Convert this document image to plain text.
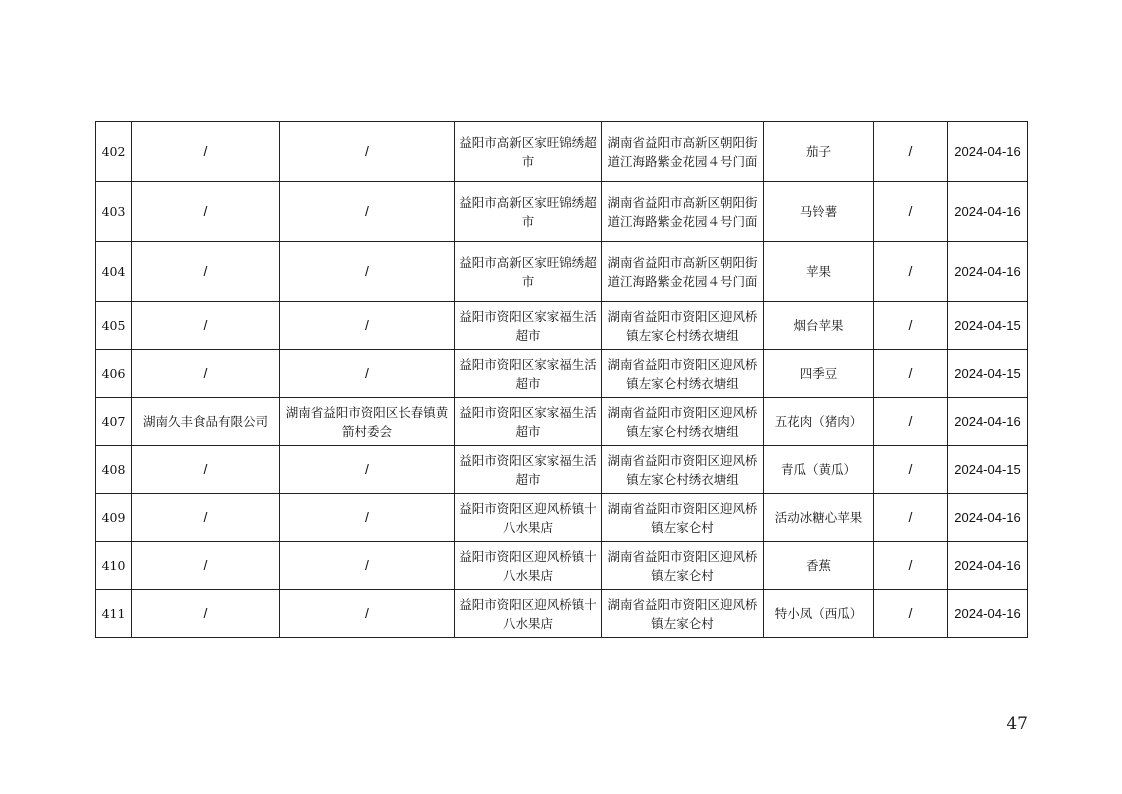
402	/	/	益阳市高新区家旺锦绣超市	湖南省益阳市高新区朝阳街道江海路紫金花园４号门面	茄子	/	2024-04-16
403	/	/	益阳市高新区家旺锦绣超市	湖南省益阳市高新区朝阳街道江海路紫金花园４号门面	马铃薯	/	2024-04-16
404	/	/	益阳市高新区家旺锦绣超市	湖南省益阳市高新区朝阳街道江海路紫金花园４号门面	苹果	/	2024-04-16
405	/	/	益阳市资阳区家家福生活超市	湖南省益阳市资阳区迎风桥镇左家仑村绣衣塘组	烟台苹果	/	2024-04-15
406	/	/	益阳市资阳区家家福生活超市	湖南省益阳市资阳区迎风桥镇左家仑村绣衣塘组	四季豆	/	2024-04-15
407	湖南久丰食品有限公司	湖南省益阳市资阳区长春镇黄箭村委会	益阳市资阳区家家福生活超市	湖南省益阳市资阳区迎风桥镇左家仑村绣衣塘组	五花肉（猪肉）	/	2024-04-16
408	/	/	益阳市资阳区家家福生活超市	湖南省益阳市资阳区迎风桥镇左家仑村绣衣塘组	青瓜（黄瓜）	/	2024-04-15
409	/	/	益阳市资阳区迎风桥镇十八水果店	湖南省益阳市资阳区迎风桥镇左家仑村	活动冰糖心苹果	/	2024-04-16
410	/	/	益阳市资阳区迎风桥镇十八水果店	湖南省益阳市资阳区迎风桥镇左家仑村	香蕉	/	2024-04-16
411	/	/	益阳市资阳区迎风桥镇十八水果店	湖南省益阳市资阳区迎风桥镇左家仑村	特小凤（西瓜）	/	2024-04-16
47
